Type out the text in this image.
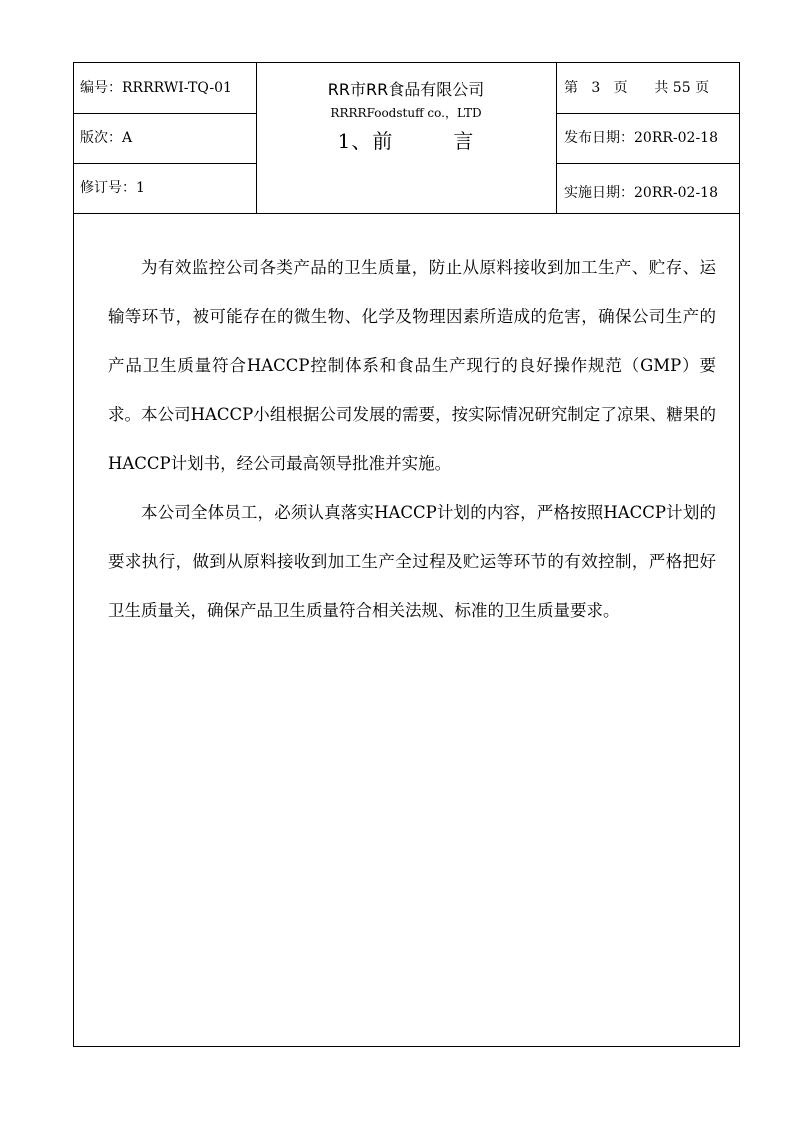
编号：RRRRWI-TQ-01
版次：A
修订号：1
RR市RR食品有限公司
RRRRFoodstuff co.，LTD
1、前	言
第 3 页 共 55 页
发布日期：20RR-02-18
实施日期：20RR-02-18

为有效监控公司各类产品的卫生质量，防止从原料接收到加工生产、贮存、运输等环节，被可能存在的微生物、化学及物理因素所造成的危害，确保公司生产的产品卫生质量符合HACCP控制体系和食品生产现行的良好操作规范（GMP）要求。本公司HACCP小组根据公司发展的需要，按实际情况研究制定了凉果、糖果的HACCP计划书，经公司最高领导批准并实施。

本公司全体员工，必须认真落实HACCP计划的内容，严格按照HACCP计划的要求执行，做到从原料接收到加工生产全过程及贮运等环节的有效控制，严格把好卫生质量关，确保产品卫生质量符合相关法规、标准的卫生质量要求。
